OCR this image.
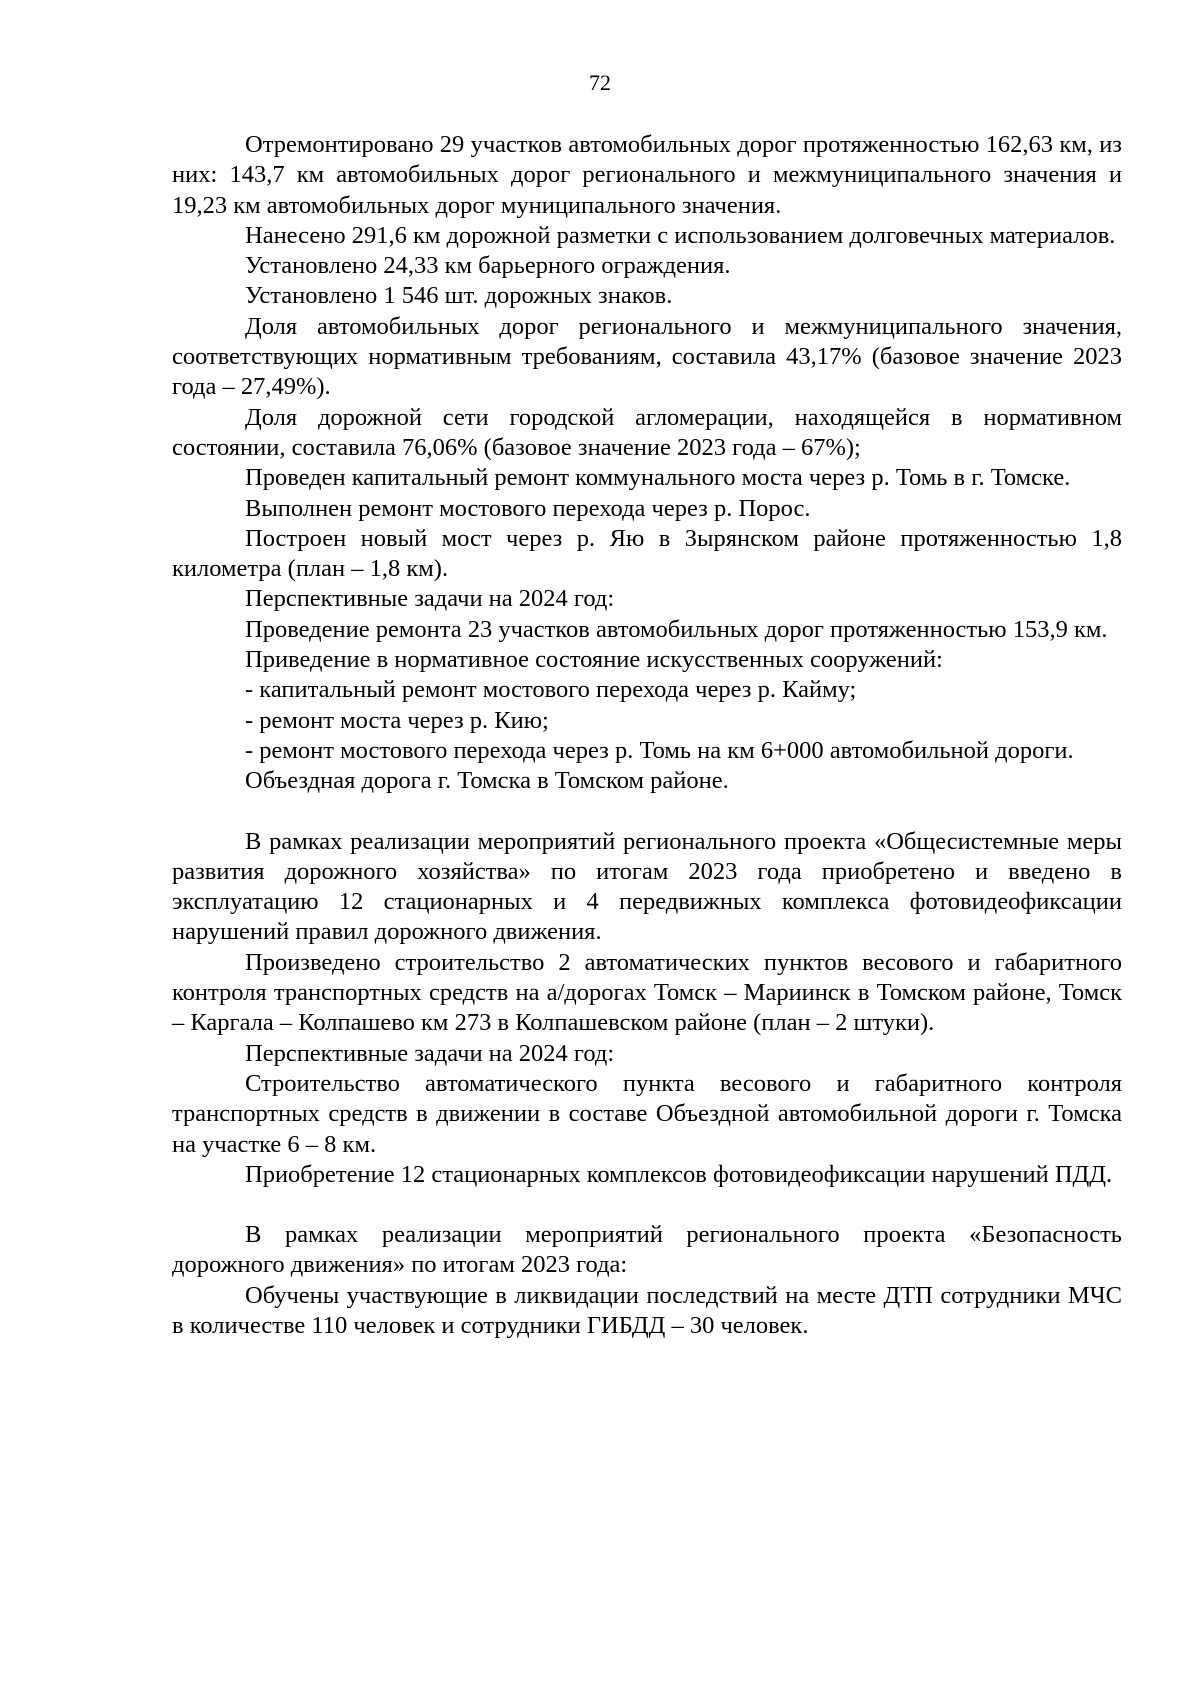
72

Отремонтировано 29 участков автомобильных дорог протяженностью 162,63 км, из них: 143,7 км автомобильных дорог регионального и межмуниципального значения и 19,23 км автомобильных дорог муниципального значения.

Нанесено 291,6 км дорожной разметки с использованием долговечных материалов.

Установлено 24,33 км барьерного ограждения.

Установлено 1 546 шт. дорожных знаков.

Доля автомобильных дорог регионального и межмуниципального значения, соответствующих нормативным требованиям, составила 43,17% (базовое значение 2023 года – 27,49%).

Доля дорожной сети городской агломерации, находящейся в нормативном состоянии, составила 76,06% (базовое значение 2023 года – 67%);

Проведен капитальный ремонт коммунального моста через р. Томь в г. Томске.

Выполнен ремонт мостового перехода через р. Порос.

Построен новый мост через р. Яю в Зырянском районе протяженностью 1,8 километра (план – 1,8 км).

Перспективные задачи на 2024 год:

Проведение ремонта 23 участков автомобильных дорог протяженностью 153,9 км.

Приведение в нормативное состояние искусственных сооружений:

- капитальный ремонт мостового перехода через р. Кайму;

- ремонт моста через р. Кию;

- ремонт мостового перехода через р. Томь на км 6+000 автомобильной дороги.

Объездная дорога г. Томска в Томском районе.

В рамках реализации мероприятий регионального проекта «Общесистемные меры развития дорожного хозяйства» по итогам 2023 года приобретено и введено в эксплуатацию 12 стационарных и 4 передвижных комплекса фотовидеофиксации нарушений правил дорожного движения.

Произведено строительство 2 автоматических пунктов весового и габаритного контроля транспортных средств на а/дорогах Томск – Мариинск в Томском районе, Томск – Каргала – Колпашево км 273 в Колпашевском районе (план – 2 штуки).

Перспективные задачи на 2024 год:

Строительство автоматического пункта весового и габаритного контроля транспортных средств в движении в составе Объездной автомобильной дороги г. Томска на участке 6 – 8 км.

Приобретение 12 стационарных комплексов фотовидеофиксации нарушений ПДД.

В рамках реализации мероприятий регионального проекта «Безопасность дорожного движения» по итогам 2023 года:

Обучены участвующие в ликвидации последствий на месте ДТП сотрудники МЧС в количестве 110 человек и сотрудники ГИБДД – 30 человек.
